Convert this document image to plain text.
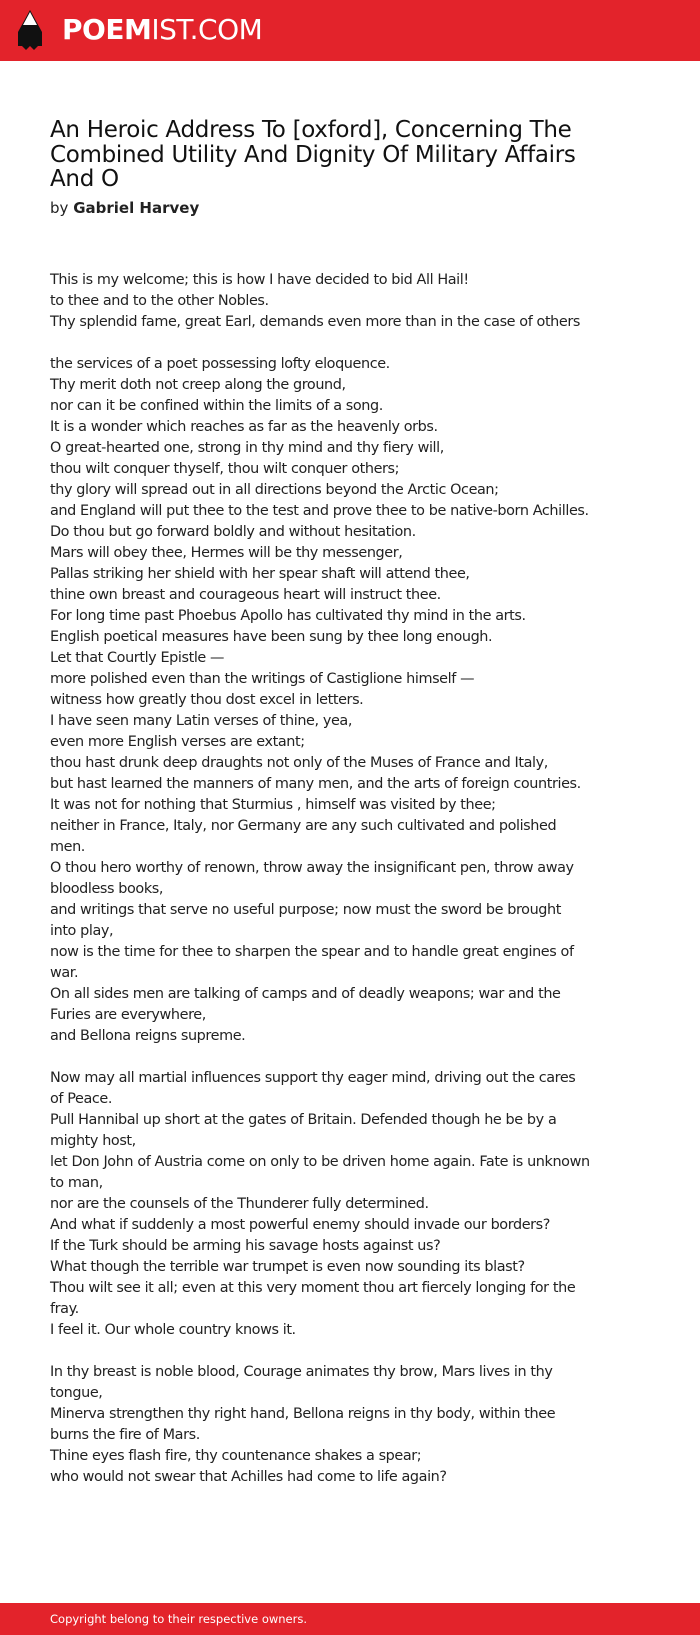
POEMIST.COM
An Heroic Address To [oxford], Concerning The Combined Utility And Dignity Of Military Affairs And O
by Gabriel Harvey
This is my welcome; this is how I have decided to bid All Hail!
to thee and to the other Nobles.
Thy splendid fame, great Earl, demands even more than in the case of others
the services of a poet possessing lofty eloquence.
Thy merit doth not creep along the ground,
nor can it be confined within the limits of a song.
It is a wonder which reaches as far as the heavenly orbs.
O great-hearted one, strong in thy mind and thy fiery will,
thou wilt conquer thyself, thou wilt conquer others;
thy glory will spread out in all directions beyond the Arctic Ocean;
and England will put thee to the test and prove thee to be native-born Achilles.
Do thou but go forward boldly and without hesitation.
Mars will obey thee, Hermes will be thy messenger,
Pallas striking her shield with her spear shaft will attend thee,
thine own breast and courageous heart will instruct thee.
For long time past Phoebus Apollo has cultivated thy mind in the arts.
English poetical measures have been sung by thee long enough.
Let that Courtly Epistle —
more polished even than the writings of Castiglione himself —
witness how greatly thou dost excel in letters.
I have seen many Latin verses of thine, yea,
even more English verses are extant;
thou hast drunk deep draughts not only of the Muses of France and Italy,
but hast learned the manners of many men, and the arts of foreign countries.
It was not for nothing that Sturmius , himself was visited by thee;
neither in France, Italy, nor Germany are any such cultivated and polished men.
O thou hero worthy of renown, throw away the insignificant pen, throw away bloodless books,
and writings that serve no useful purpose; now must the sword be brought into play,
now is the time for thee to sharpen the spear and to handle great engines of war.
On all sides men are talking of camps and of deadly weapons; war and the Furies are everywhere,
and Bellona reigns supreme.
Now may all martial influences support thy eager mind, driving out the cares of Peace.
Pull Hannibal up short at the gates of Britain. Defended though he be by a mighty host,
let Don John of Austria come on only to be driven home again. Fate is unknown to man,
nor are the counsels of the Thunderer fully determined.
And what if suddenly a most powerful enemy should invade our borders?
If the Turk should be arming his savage hosts against us?
What though the terrible war trumpet is even now sounding its blast?
Thou wilt see it all; even at this very moment thou art fiercely longing for the fray.
I feel it. Our whole country knows it.
In thy breast is noble blood, Courage animates thy brow, Mars lives in thy tongue,
Minerva strengthen thy right hand, Bellona reigns in thy body, within thee burns the fire of Mars.
Thine eyes flash fire, thy countenance shakes a spear;
who would not swear that Achilles had come to life again?
Copyright belong to their respective owners.
